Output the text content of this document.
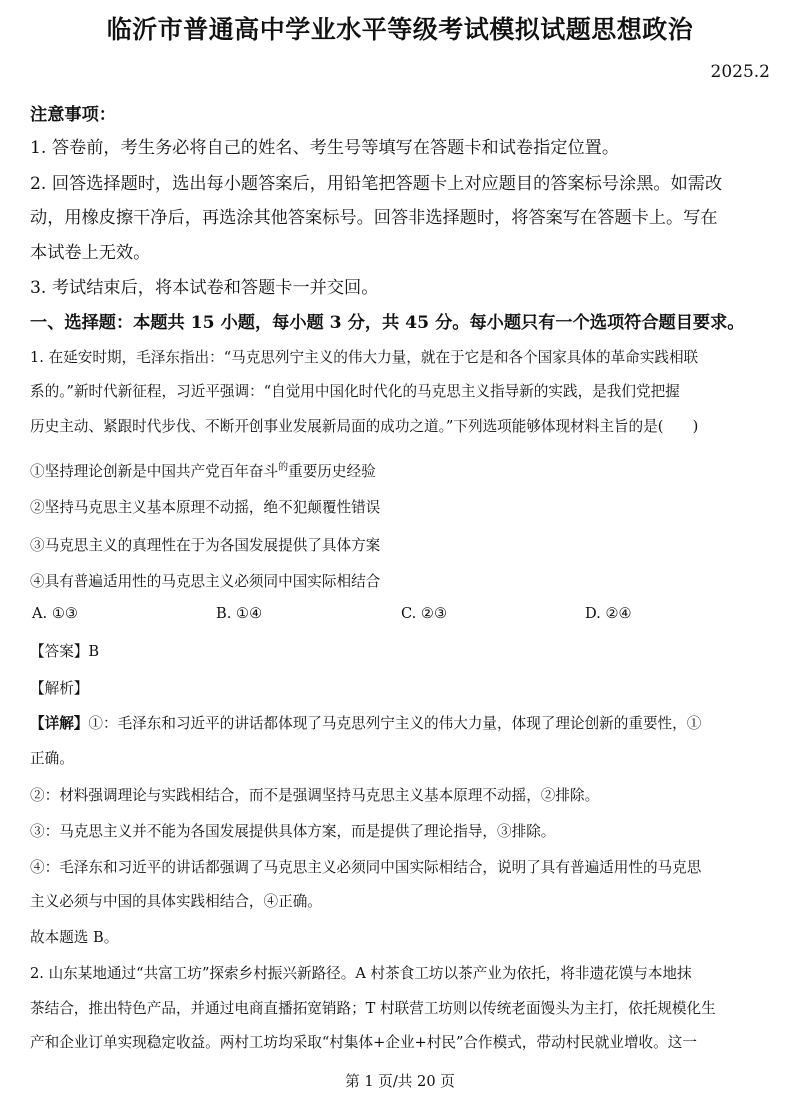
临沂市普通高中学业水平等级考试模拟试题思想政治
2025.2
注意事项：
1. 答卷前，考生务必将自己的姓名、考生号等填写在答题卡和试卷指定位置。
2. 回答选择题时，选出每小题答案后，用铅笔把答题卡上对应题目的答案标号涂黑。如需改
动，用橡皮擦干净后，再选涂其他答案标号。回答非选择题时，将答案写在答题卡上。写在
本试卷上无效。
3. 考试结束后，将本试卷和答题卡一并交回。
一、选择题：本题共 15 小题，每小题 3 分，共 45 分。每小题只有一个选项符合题目要求。
1. 在延安时期，毛泽东指出：“马克思列宁主义的伟大力量，就在于它是和各个国家具体的革命实践相联
系的。”新时代新征程，习近平强调：“自觉用中国化时代化的马克思主义指导新的实践，是我们党把握
历史主动、紧跟时代步伐、不断开创事业发展新局面的成功之道。”下列选项能够体现材料主旨的是(　　)
①坚持理论创新是中国共产党百年奋斗$^的$重要历史经验
②坚持马克思主义基本原理不动摇，绝不犯颠覆性错误
③马克思主义的真理性在于为各国发展提供了具体方案
④具有普遍适用性的马克思主义必须同中国实际相结合
A. ①③	B. ①④	C. ②③	D. ②④
【答案】B
【解析】
【详解】①：毛泽东和习近平的讲话都体现了马克思列宁主义的伟大力量，体现了理论创新的重要性，①
正确。
②：材料强调理论与实践相结合，而不是强调坚持马克思主义基本原理不动摇，②排除。
③：马克思主义并不能为各国发展提供具体方案，而是提供了理论指导，③排除。
④：毛泽东和习近平的讲话都强调了马克思主义必须同中国实际相结合，说明了具有普遍适用性的马克思
主义必须与中国的具体实践相结合，④正确。
故本题选 B。
2. 山东某地通过“共富工坊”探索乡村振兴新路径。A 村茶食工坊以茶产业为依托，将非遗花馍与本地抹
茶结合，推出特色产品，并通过电商直播拓宽销路；T 村联营工坊则以传统老面馒头为主打，依托规模化生
产和企业订单实现稳定收益。两村工坊均采取“村集体+企业+村民”合作模式，带动村民就业增收。这一
第 1 页/共 20 页
